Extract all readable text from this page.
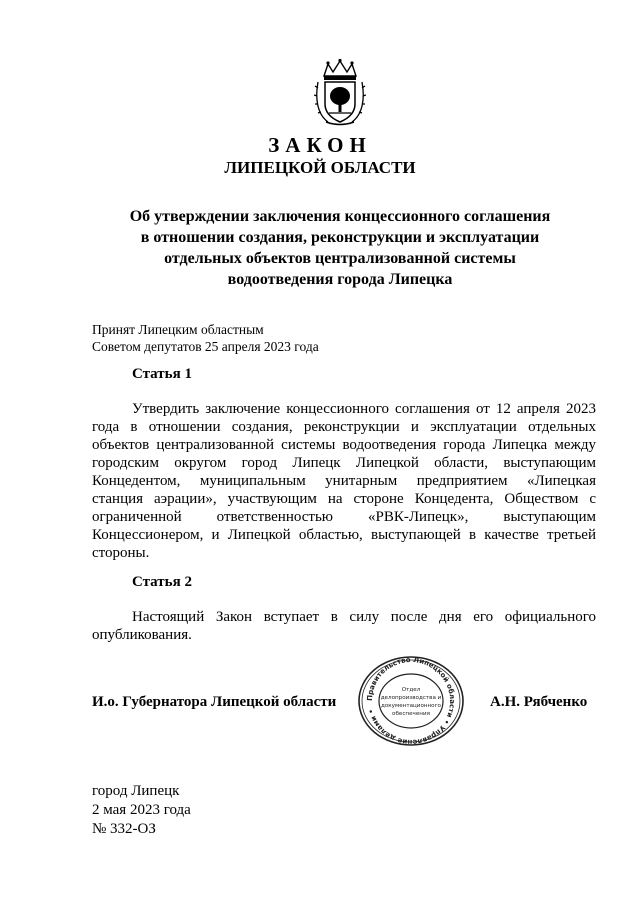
ЗАКОН
ЛИПЕЦКОЙ ОБЛАСТИ
Об утверждении заключения концессионного соглашения
в отношении создания, реконструкции и эксплуатации
отдельных объектов централизованной системы
водоотведения города Липецка
Принят Липецким областным
Советом депутатов 25 апреля 2023 года
Статья 1
Утвердить заключение концессионного соглашения от 12 апреля 2023
года в отношении создания, реконструкции и эксплуатации отдельных
объектов централизованной системы водоотведения города Липецка между
городским округом город Липецк Липецкой области, выступающим
Концедентом, муниципальным унитарным предприятием «Липецкая
станция аэрации», участвующим на стороне Концедента, Обществом с
ограниченной ответственностью «РВК-Липецк», выступающим
Концессионером, и Липецкой областью, выступающей в качестве третьей
стороны.
Статья 2
Настоящий Закон вступает в силу после дня его официального
опубликования.
И.о. Губернатора Липецкой области	Правительство Липецкой области • Управление делами •
Отдел
делопроизводства и
документационного
обеспечения
А.Н. Рябченко
город Липецк
2 мая 2023 года
№ 332-ОЗ
